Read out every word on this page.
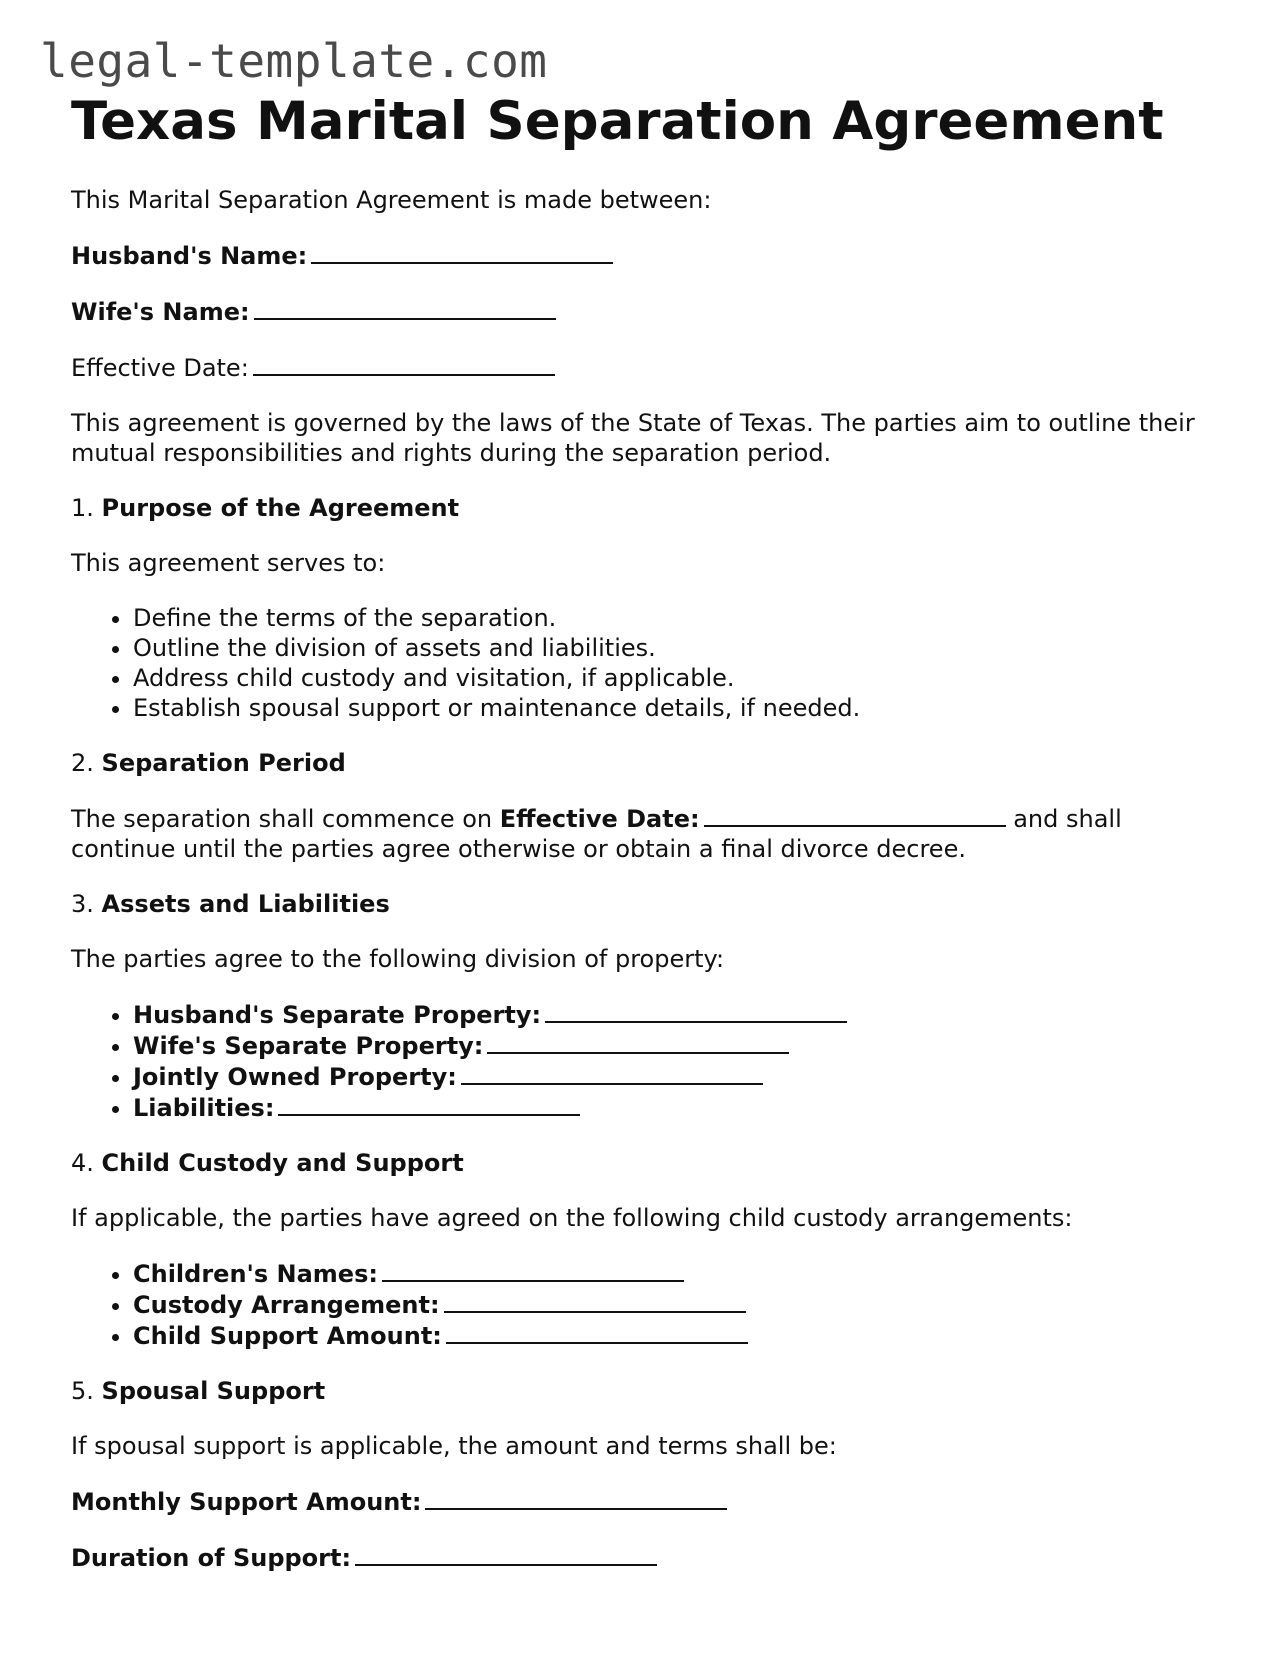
legal-template.com
Texas Marital Separation Agreement

This Marital Separation Agreement is made between:

Husband's Name:
Wife's Name:
Effective Date:

This agreement is governed by the laws of the State of Texas. The parties aim to outline their mutual responsibilities and rights during the separation period.

1. Purpose of the Agreement

This agreement serves to:

• Define the terms of the separation.
• Outline the division of assets and liabilities.
• Address child custody and visitation, if applicable.
• Establish spousal support or maintenance details, if needed.
2. Separation Period

The separation shall commence on Effective Date:	and shall continue until the parties agree otherwise or obtain a final divorce decree.

3. Assets and Liabilities

The parties agree to the following division of property:

• Husband's Separate Property:
• Wife's Separate Property:
• Jointly Owned Property:
• Liabilities:
4. Child Custody and Support

If applicable, the parties have agreed on the following child custody arrangements:

• Children's Names:
• Custody Arrangement:
• Child Support Amount:
5. Spousal Support

If spousal support is applicable, the amount and terms shall be:

Monthly Support Amount:
Duration of Support:
